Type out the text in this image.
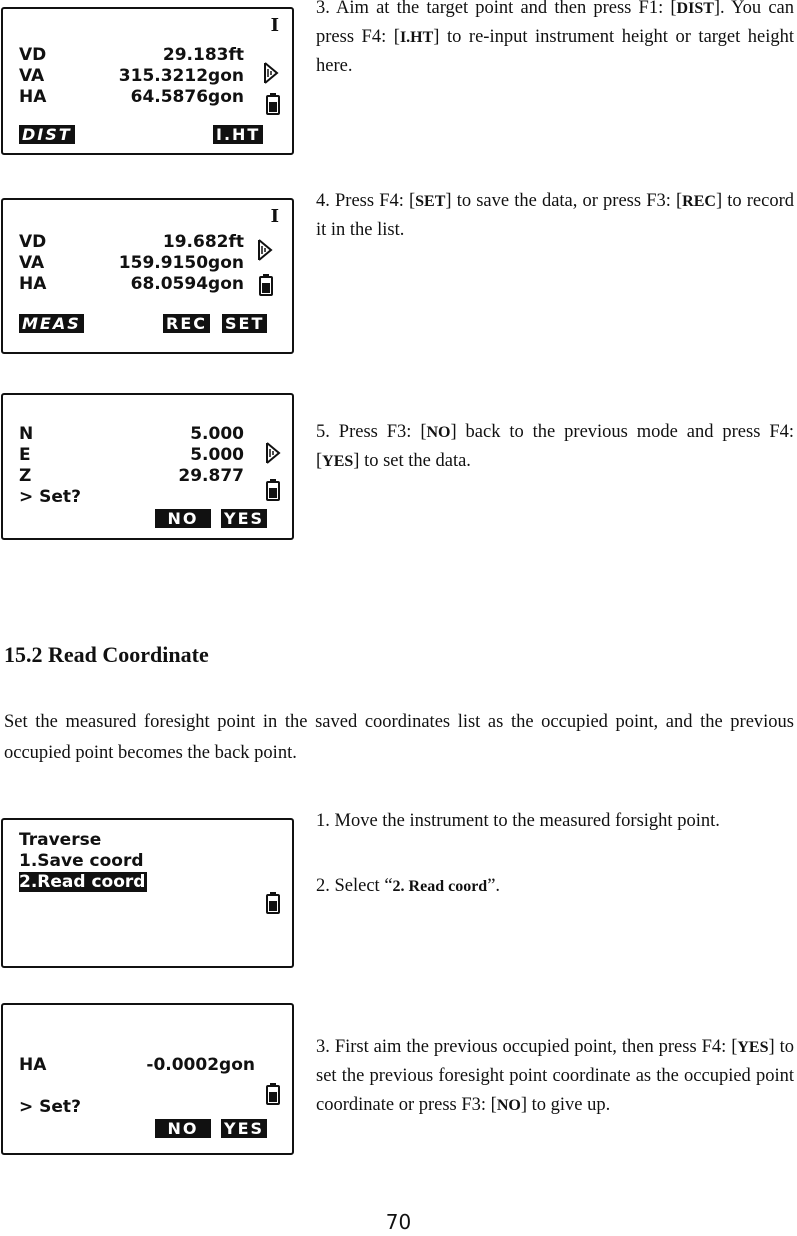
I
VD	29.183ft
VA	315.3212gon
HA	64.5876gon
DIST	I.HT
3. Aim at the target point and then press F1: [DIST]. You can press F4: [I.HT] to re-input instrument height or target height here.
I
VD	19.682ft
VA	159.9150gon
HA	68.0594gon
MEAS	REC SET
4. Press F4: [SET] to save the data, or press F3: [REC] to record it in the list.
N	5.000
E	5.000
Z	29.877
> Set?
NO	YES
5. Press F3: [NO] back to the previous mode and press F4: [YES] to set the data.
15.2 Read Coordinate
Set the measured foresight point in the saved coordinates list as the occupied point, and the previous occupied point becomes the back point.
Traverse
1.Save coord
2.Read coord
1. Move the instrument to the measured forsight point.
2. Select “2. Read coord”.
HA	-0.0002gon
> Set?
NO	YES
3. First aim the previous occupied point, then press F4: [YES] to set the previous foresight point coordinate as the occupied point coordinate or press F3: [NO] to give up.
70
